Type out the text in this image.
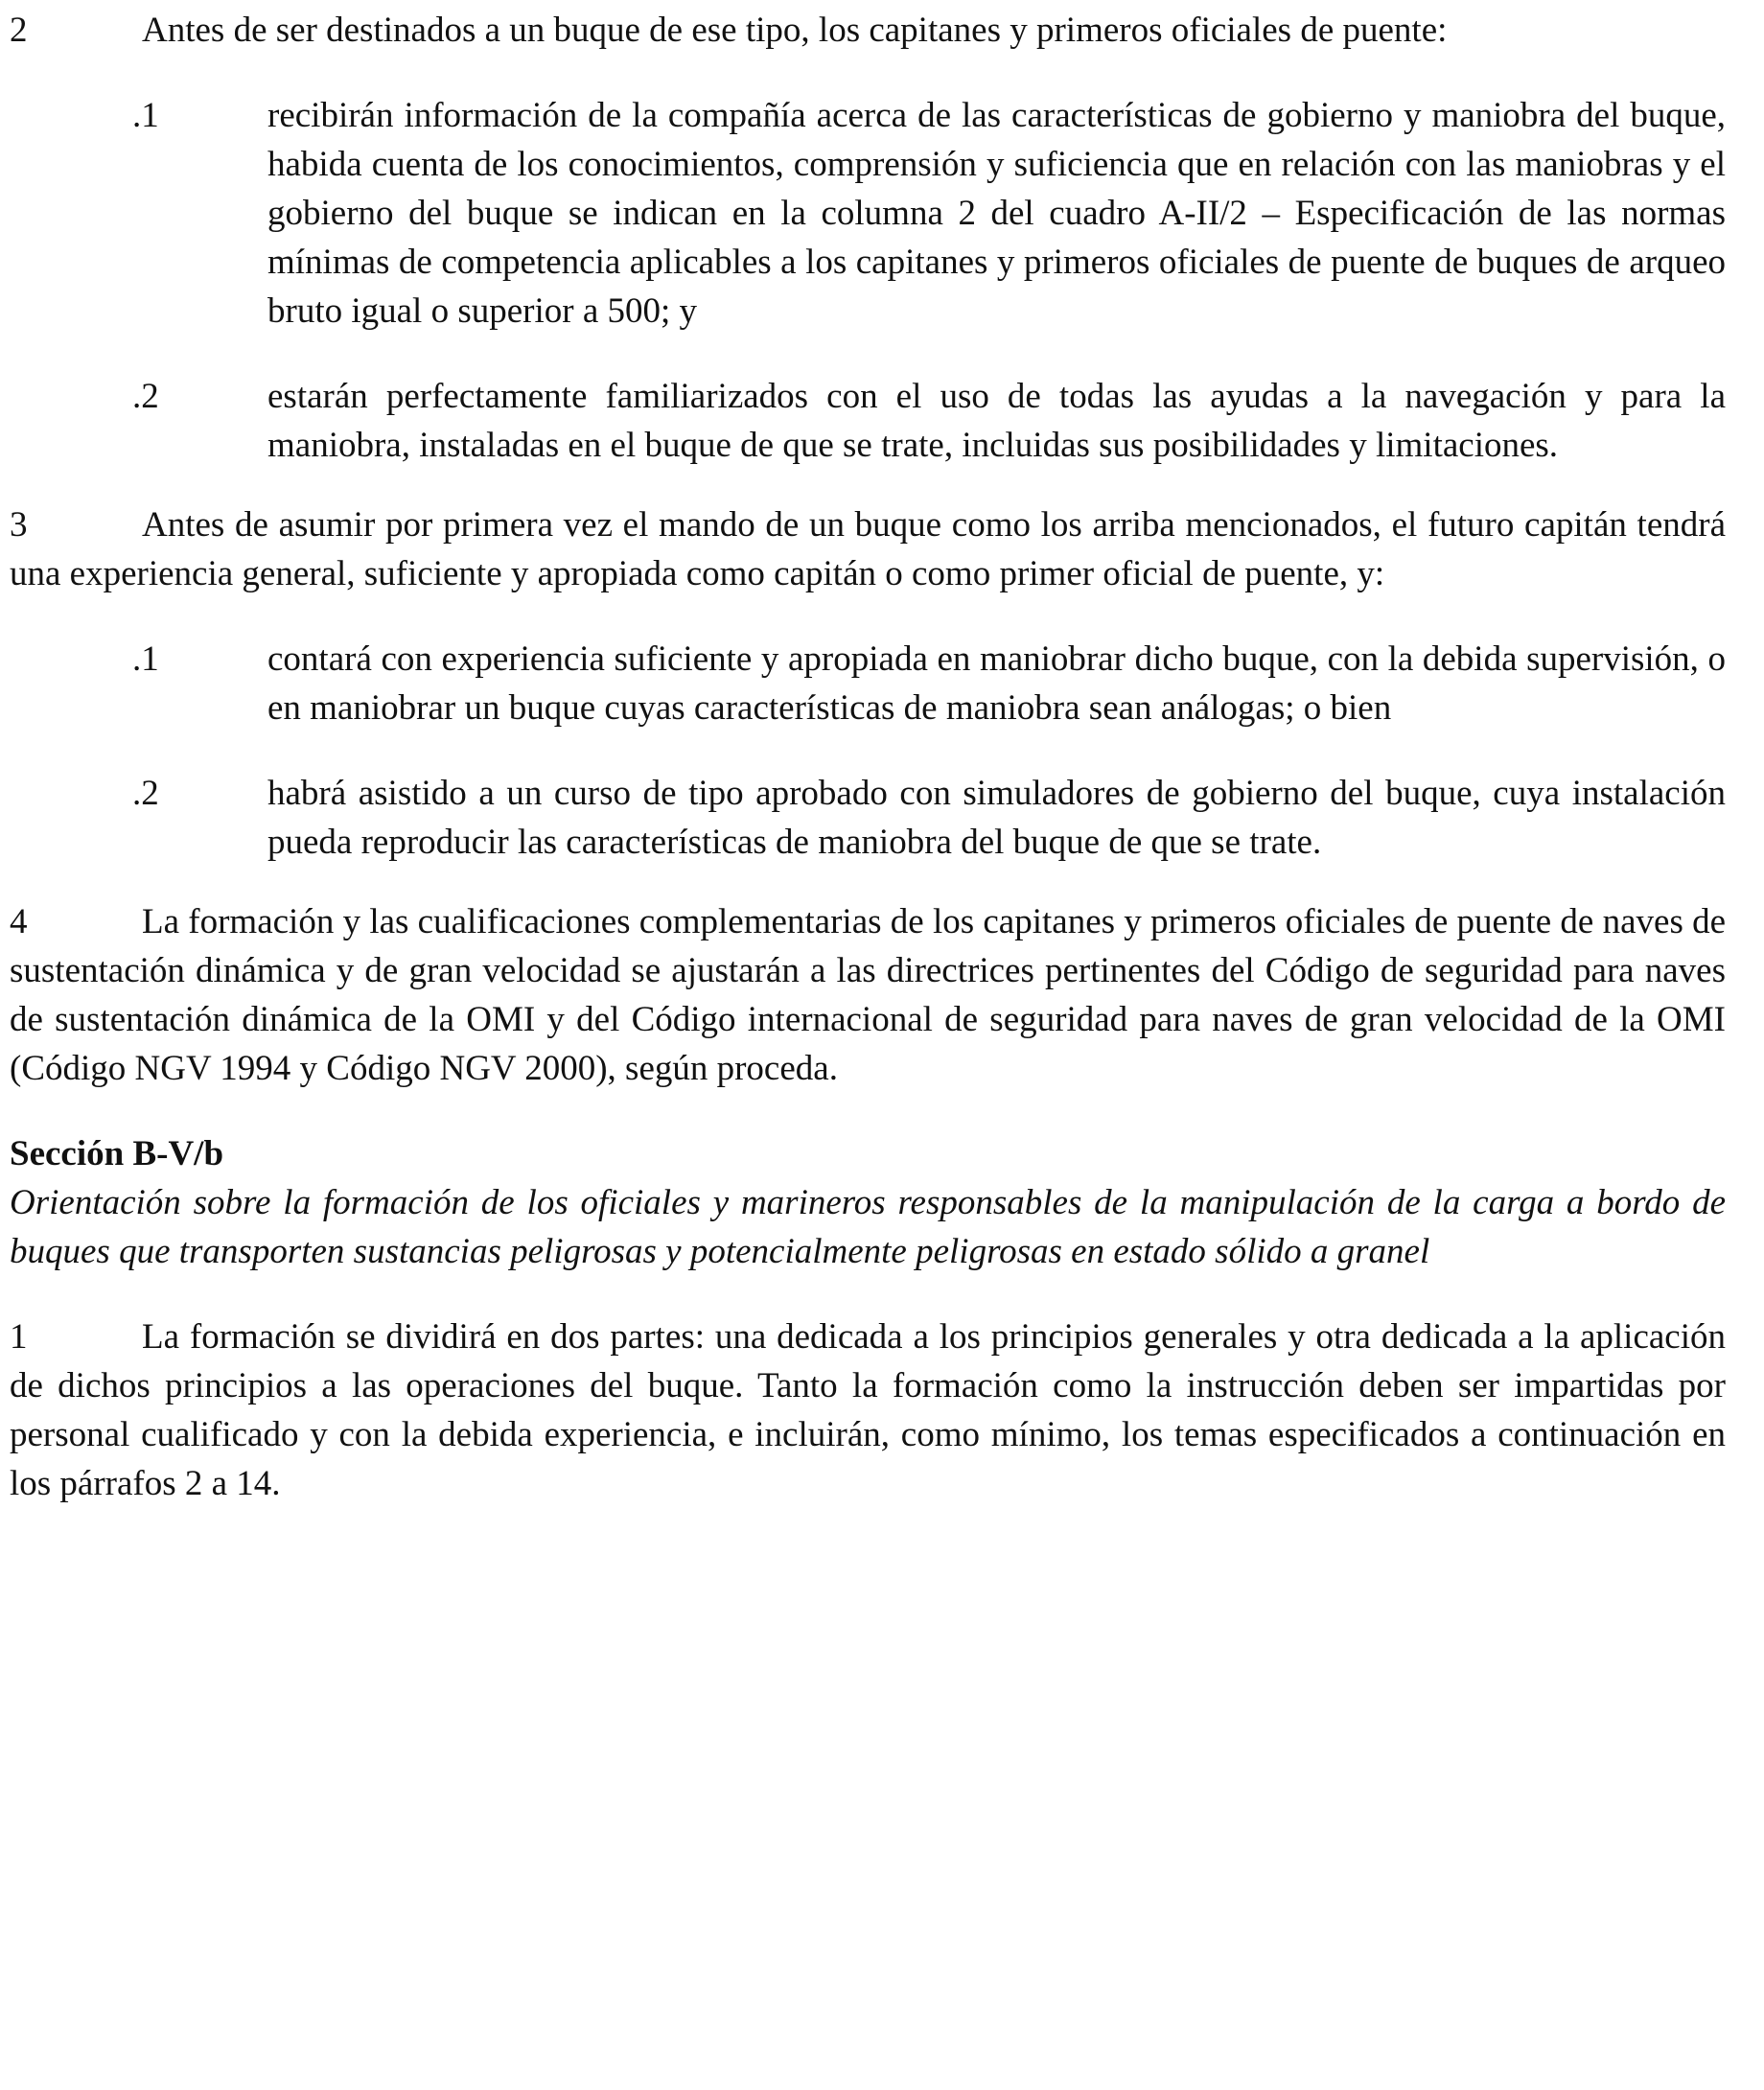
2	Antes de ser destinados a un buque de ese tipo, los capitanes y primeros oficiales de puente:

.1	recibirán información de la compañía acerca de las características de gobierno y maniobra del buque, habida cuenta de los conocimientos, comprensión y suficiencia que en relación con las maniobras y el gobierno del buque se indican en la columna 2 del cuadro A-II/2 – Especificación de las normas mínimas de competencia aplicables a los capitanes y primeros oficiales de puente de buques de arqueo bruto igual o superior a 500; y
.2	estarán perfectamente familiarizados con el uso de todas las ayudas a la navegación y para la maniobra, instaladas en el buque de que se trate, incluidas sus posibilidades y limitaciones.

3	Antes de asumir por primera vez el mando de un buque como los arriba mencionados, el futuro capitán tendrá una experiencia general, suficiente y apropiada como capitán o como primer oficial de puente, y:

.1	contará con experiencia suficiente y apropiada en maniobrar dicho buque, con la debida supervisión, o en maniobrar un buque cuyas características de maniobra sean análogas; o bien
.2	habrá asistido a un curso de tipo aprobado con simuladores de gobierno del buque, cuya instalación pueda reproducir las características de maniobra del buque de que se trate.

4	La formación y las cualificaciones complementarias de los capitanes y primeros oficiales de puente de naves de sustentación dinámica y de gran velocidad se ajustarán a las directrices pertinentes del Código de seguridad para naves de sustentación dinámica de la OMI y del Código internacional de seguridad para naves de gran velocidad de la OMI (Código NGV 1994 y Código NGV 2000), según proceda.

Sección B-V/b

Orientación sobre la formación de los oficiales y marineros responsables de la manipulación de la carga a bordo de buques que transporten sustancias peligrosas y potencialmente peligrosas en estado sólido a granel

1	La formación se dividirá en dos partes: una dedicada a los principios generales y otra dedicada a la aplicación de dichos principios a las operaciones del buque. Tanto la formación como la instrucción deben ser impartidas por personal cualificado y con la debida experiencia, e incluirán, como mínimo, los temas especificados a continuación en los párrafos 2 a 14.
